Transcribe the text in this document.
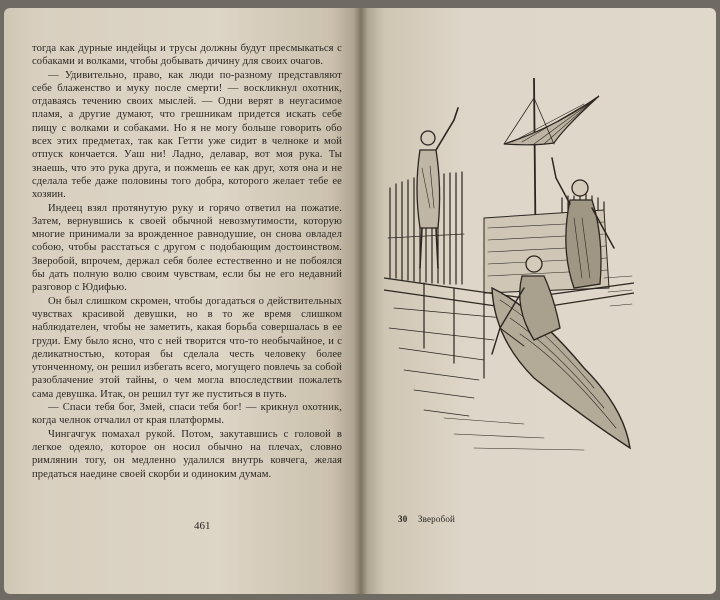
тогда как дурные индейцы и трусы должны будут пресмыкаться с собаками и волками, чтобы добывать дичину для своих очагов.

— Удивительно, право, как люди по-разному представляют себе блаженство и муку после смерти! — воскликнул охотник, отдаваясь течению своих мыслей. — Одни верят в неугасимое пламя, а другие думают, что грешникам придется искать себе пищу с волками и собаками. Но я не могу больше говорить обо всех этих предметах, так как Гетти уже сидит в челноке и мой отпуск кончается. Уаш ни! Ладно, делавар, вот моя рука. Ты знаешь, что это рука друга, и пожмешь ее как друг, хотя она и не сделала тебе даже половины того добра, которого желает тебе ее хозяин.

Индеец взял протянутую руку и горячо ответил на пожатие. Затем, вернувшись к своей обычной невозмутимости, которую многие принимали за врожденное равнодушие, он снова овладел собою, чтобы расстаться с другом с подобающим достоинством. Зверобой, впрочем, держал себя более естественно и не побоялся бы дать полную волю своим чувствам, если бы не его недавний разговор с Юдифью.

Он был слишком скромен, чтобы догадаться о действительных чувствах красивой девушки, но в то же время слишком наблюдателен, чтобы не заметить, какая борьба совершалась в ее груди. Ему было ясно, что с ней творится что-то необычайное, и с деликатностью, которая бы сделала честь человеку более утонченному, он решил избегать всего, могущего повлечь за собой разоблачение этой тайны, о чем могла впоследствии пожалеть сама девушка. Итак, он решил тут же пуститься в путь.

— Спаси тебя бог, Змей, спаси тебя бог! — крикнул охотник, когда челнок отчалил от края платформы.

Чингачгук помахал рукой. Потом, закутавшись с головой в легкое одеяло, которое он носил обычно на плечах, словно римлянин тогу, он медленно удалился внутрь ковчега, желая предаться наедине своей скорби и одиноким думам.

461
30 Зверобой
